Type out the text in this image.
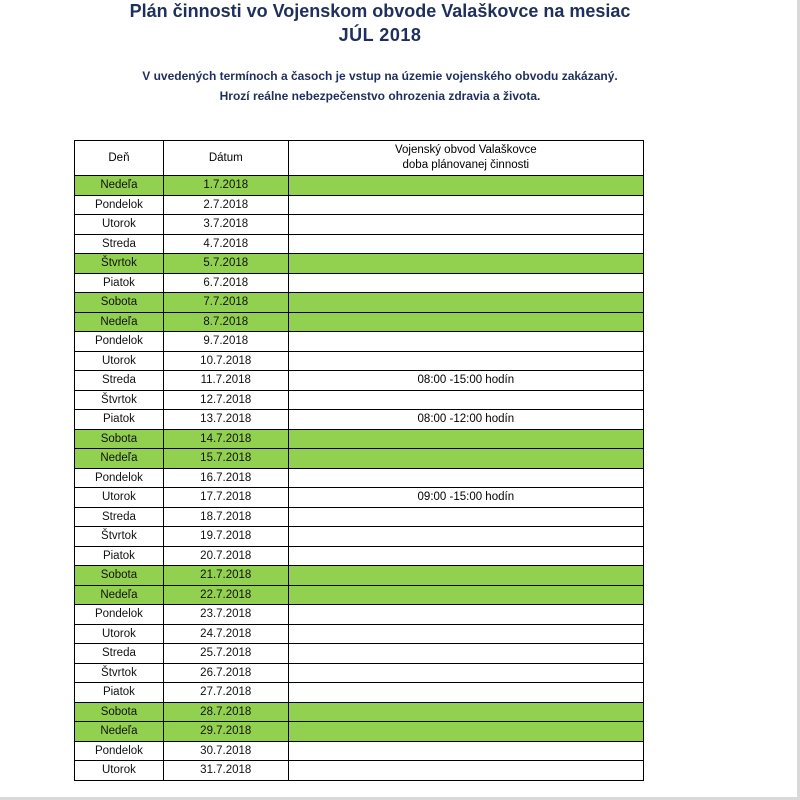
Plán činnosti vo Vojenskom obvode Valaškovce na mesiac
JÚL 2018
V uvedených termínoch a časoch je vstup na územie vojenského obvodu zakázaný.
Hrozí reálne nebezpečenstvo ohrozenia zdravia a života.
Deň	Dátum	Vojenský obvod Valaškovce
doba plánovanej činnosti

Nedeľa	1.7.2018	
Pondelok	2.7.2018	
Utorok	3.7.2018	
Streda	4.7.2018	
Štvrtok	5.7.2018	
Piatok	6.7.2018	
Sobota	7.7.2018	
Nedeľa	8.7.2018	
Pondelok	9.7.2018	
Utorok	10.7.2018	
Streda	11.7.2018	08:00 -15:00 hodín
Štvrtok	12.7.2018	
Piatok	13.7.2018	08:00 -12:00 hodín
Sobota	14.7.2018	
Nedeľa	15.7.2018	
Pondelok	16.7.2018	
Utorok	17.7.2018	09:00 -15:00 hodín
Streda	18.7.2018	
Štvrtok	19.7.2018	
Piatok	20.7.2018	
Sobota	21.7.2018	
Nedeľa	22.7.2018	
Pondelok	23.7.2018	
Utorok	24.7.2018	
Streda	25.7.2018	
Štvrtok	26.7.2018	
Piatok	27.7.2018	
Sobota	28.7.2018	
Nedeľa	29.7.2018	
Pondelok	30.7.2018	
Utorok	31.7.2018	
